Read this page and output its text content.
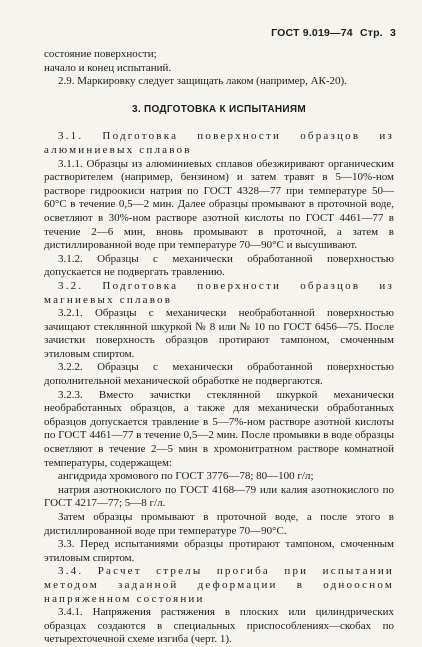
ГОСТ 9.019—74 Стр. 3
состояние поверхности;
начало и конец испытаний.

2.9. Маркировку следует защищать лаком (например, АК-20).

3. ПОДГОТОВКА К ИСПЫТАНИЯМ

3.1. Подготовка поверхности образцов из алюминиевых сплавов

3.1.1. Образцы из алюминиевых сплавов обезжиривают органическим растворителем (например, бензином) и затем травят в 5—10%-ном растворе гидроокиси натрия по ГОСТ 4328—77 при температуре 50—60°С в течение 0,5—2 мин. Далее образцы промывают в проточной воде, осветляют в 30%-ном растворе азотной кислоты по ГОСТ 4461—77 в течение 2—6 мин, вновь промывают в проточной, а затем в дистиллированной воде при температуре 70—90°С и высушивают.

3.1.2. Образцы с механически обработанной поверхностью допускается не подвергать травлению.

3.2. Подготовка поверхности образцов из магниевых сплавов

3.2.1. Образцы с механически необработанной поверхностью зачищают стеклянной шкуркой № 8 или № 10 по ГОСТ 6456—75. После зачистки поверхность образцов протирают тампоном, смоченным этиловым спиртом.

3.2.2. Образцы с механически обработанной поверхностью дополнительной механической обработке не подвергаются.

3.2.3. Вместо зачистки стеклянной шкуркой механически необработанных образцов, а также для механически обработанных образцов допускается травление в 5—7%-ном растворе азотной кислоты по ГОСТ 4461—77 в течение 0,5—2 мин. После промывки в воде образцы осветляют в течение 2—5 мин в хромонитратном растворе комнатной температуры, содержащем:

ангидрида хромового по ГОСТ 3776—78; 80—100 г/л;

натрия азотнокислого по ГОСТ 4168—79 или калия азотнокислого по ГОСТ 4217—77; 5—8 г/л.

Затем образцы промывают в проточной воде, а после этого в дистиллированной воде при температуре 70—90°С.

3.3. Перед испытаниями образцы протирают тампоном, смоченным этиловым спиртом.

3.4. Расчет стрелы прогиба при испытании методом заданной деформации в одноосном напряженном состоянии

3.4.1. Напряжения растяжения в плоских или цилиндрических образцах создаются в специальных приспособлениях—скобах по четырехточечной схеме изгиба (черт. 1).
